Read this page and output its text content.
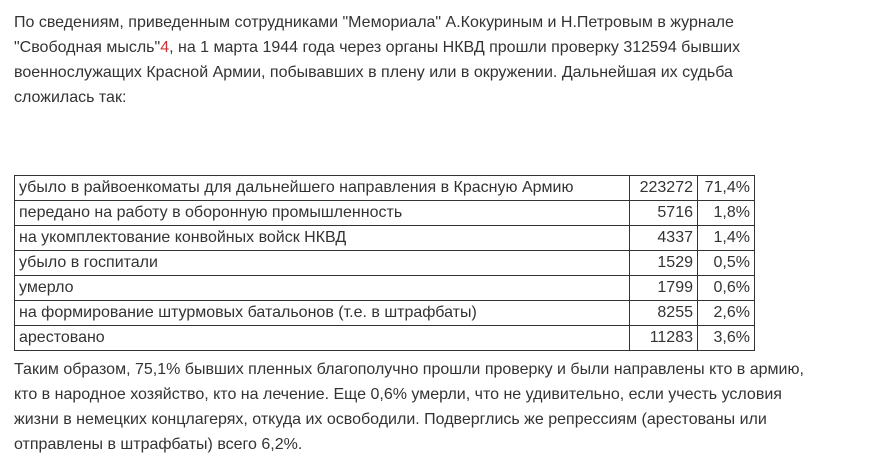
По сведениям, приведенным сотрудниками "Мемориала" А.Кокуриным и Н.Петровым в журнале
"Свободная мысль"4, на 1 марта 1944 года через органы НКВД прошли проверку 312594 бывших
военнослужащих Красной Армии, побывавших в плену или в окружении. Дальнейшая их судьба
сложилась так:
убыло в райвоенкоматы для дальнейшего направления в Красную Армию	223272	71,4%
передано на работу в оборонную промышленность	5716	1,8%
на укомплектование конвойных войск НКВД	4337	1,4%
убыло в госпитали	1529	0,5%
умерло	1799	0,6%
на формирование штурмовых батальонов (т.е. в штрафбаты)	8255	2,6%
арестовано	11283	3,6%
Таким образом, 75,1% бывших пленных благополучно прошли проверку и были направлены кто в армию,
кто в народное хозяйство, кто на лечение. Еще 0,6% умерли, что не удивительно, если учесть условия
жизни в немецких концлагерях, откуда их освободили. Подверглись же репрессиям (арестованы или
отправлены в штрафбаты) всего 6,2%.
